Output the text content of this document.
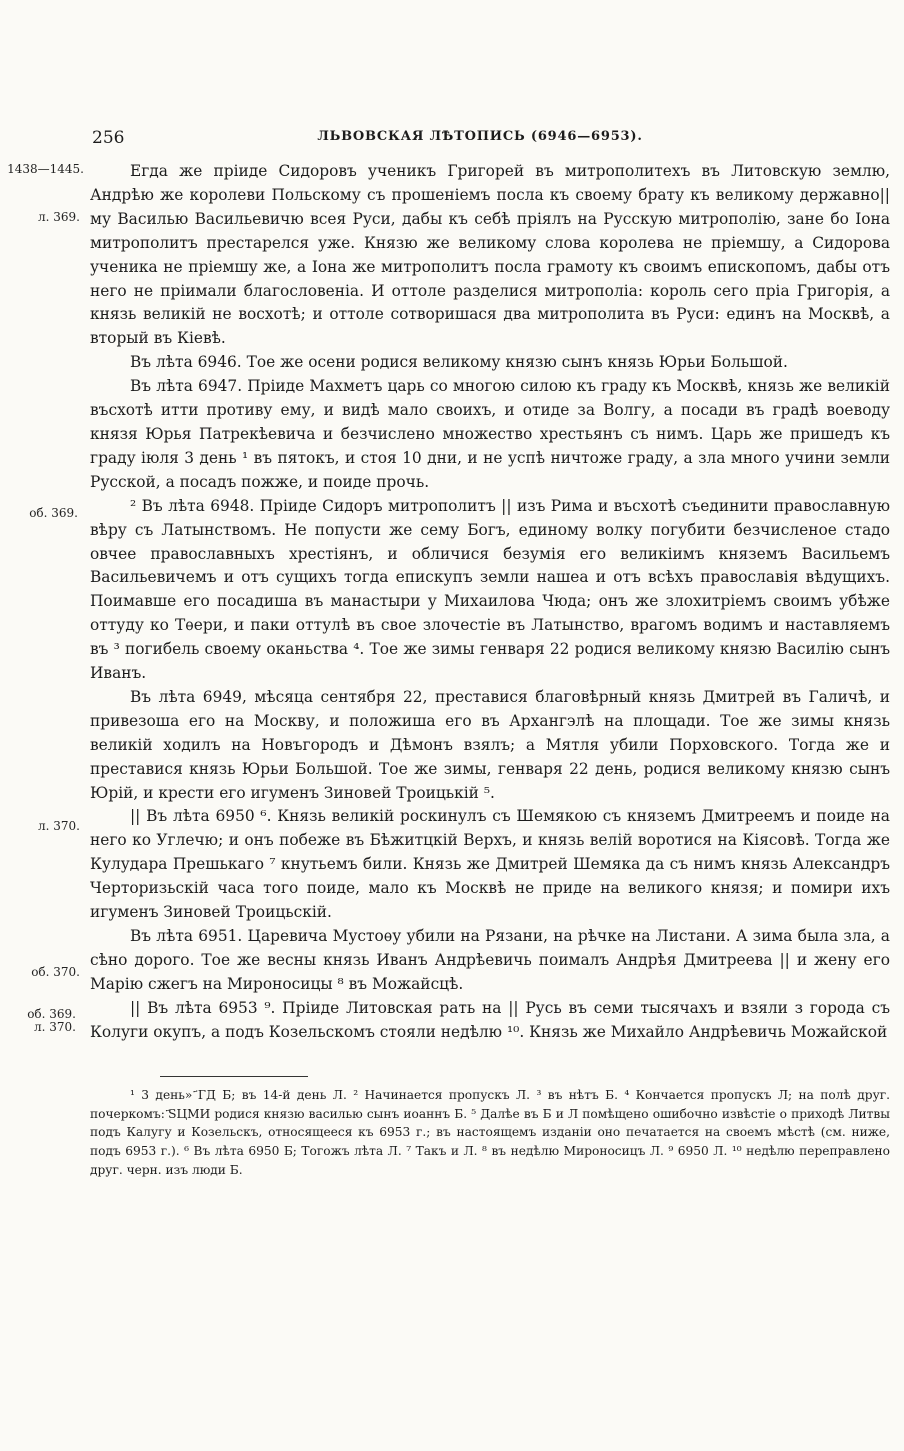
256	ЛЬВОВСКАЯ ЛѢТОПИСЬ (6946—6953).
1438—1445.
л. 369.
об. 369.
л. 370.
об. 370.
об. 369.
л. 370.

Егда же пріиде Сидоровъ ученикъ Григорей въ митрополитехъ въ Литовскую землю, Андрѣю же королеви Польскому съ прошеніемъ посла къ своему брату къ великому державно||му Василью Васильевичю всея Руси, дабы къ себѣ пріялъ на Русскую митрополію, зане бо Іона митрополитъ престарелся уже. Князю же великому слова королева не пріемшу, а Сидорова ученика не пріемшу же, а Іона же митрополитъ посла грамоту къ своимъ епископомъ, дабы отъ него не пріимали благословеніа. И оттоле разделися митрополіа: король сего пріа Григорія, а князь великій не восхотѣ; и оттоле сотворишася два митрополита въ Руси: единъ на Москвѣ, а вторый въ Кіевѣ.

Въ лѣта 6946. Тое же осени родися великому князю сынъ князь Юрьи Большой.

Въ лѣта 6947. Пріиде Махметъ царь со многою силою къ граду къ Москвѣ, князь же великій въсхотѣ итти противу ему, и видѣ мало своихъ, и отиде за Волгу, а посади въ градѣ воеводу князя Юрья Патрекѣевича и безчислено множество хрестьянъ съ нимъ. Царь же пришедъ къ граду іюля 3 день ¹ въ пятокъ, и стоя 10 дни, и не успѣ ничтоже граду, а зла много учини земли Русской, а посадъ пожже, и поиде прочь.

² Въ лѣта 6948. Пріиде Сидоръ митрополитъ || изъ Рима и въсхотѣ съединити православную вѣру съ Латынствомъ. Не попусти же сему Богъ, единому волку погубити безчисленое стадо овчее православныхъ хрестіянъ, и обличися безумія его великіимъ княземъ Васильемъ Васильевичемъ и отъ сущихъ тогда епискупъ земли нашеа и отъ всѣхъ православія вѣдущихъ. Поимавше его посадиша въ манастыри у Михаилова Чюда; онъ же злохитріемъ своимъ убѣже оттуду ко Тѳери, и паки оттулѣ въ свое злочестіе въ Латынство, врагомъ водимъ и наставляемъ въ ³ погибель своему оканьства ⁴. Тое же зимы генваря 22 родися великому князю Василію сынъ Иванъ.

Въ лѣта 6949, мѣсяца сентября 22, преставися благовѣрный князь Дмитрей въ Галичѣ, и привезоша его на Москву, и положиша его въ Архангэлѣ на площади. Тое же зимы князь великій ходилъ на Новъгородъ и Дѣмонъ взялъ; а Мятля убили Порховского. Тогда же и преставися князь Юрьи Большой. Тое же зимы, генваря 22 день, родися великому князю сынъ Юрій, и крести его игуменъ Зиновей Троицькій ⁵.

|| Въ лѣта 6950 ⁶. Князь великій роскинулъ съ Шемякою съ княземъ Дмитреемъ и поиде на него ко Углечю; и онъ побеже въ Бѣжитцкій Верхъ, и князь велій воротися на Кіясовѣ. Тогда же Кулудара Прешькаго ⁷ кнутьемъ били. Князь же Дмитрей Шемяка да съ нимъ князь Александръ Черторизьскій часа того поиде, мало къ Москвѣ не приде на великого князя; и помири ихъ игуменъ Зиновей Троицьскій.

Въ лѣта 6951. Царевича Мустоѳу убили на Рязани, на рѣчке на Листани. А зима была зла, а сѣно дорого. Тое же весны князь Иванъ Андрѣевичь поималъ Андрѣя Дмитреева || и жену его Марію сжегъ на Мироносицы ⁸ въ Можайсцѣ.

|| Въ лѣта 6953 ⁹. Пріиде Литовская рать на || Русь въ семи тысячахъ и взяли з города съ Колуги окупъ, а подъ Козельскомъ стояли недѣлю ¹⁰. Князь же Михайло Андрѣевичь Можайской

¹ 3 день» ҃ГД Б; въ 14-й день Л. ² Начинается пропускъ Л. ³ въ нѣтъ Б. ⁴ Кончается пропускъ Л; на полѣ друг. почеркомъ: ҃ЅЦМИ родися князю василью сынъ иоаннъ Б. ⁵ Далѣе въ Б и Л помѣщено ошибочно извѣстіе о приходѣ Литвы подъ Калугу и Козельскъ, относящееся къ 6953 г.; въ настоящемъ изданіи оно печатается на своемъ мѣстѣ (см. ниже, подъ 6953 г.). ⁶ Въ лѣта 6950 Б; Тогожъ лѣта Л. ⁷ Такъ и Л. ⁸ въ недѣлю Мироносицъ Л. ⁹ 6950 Л. ¹⁰ недѣлю переправлено друг. черн. изъ люди Б.
